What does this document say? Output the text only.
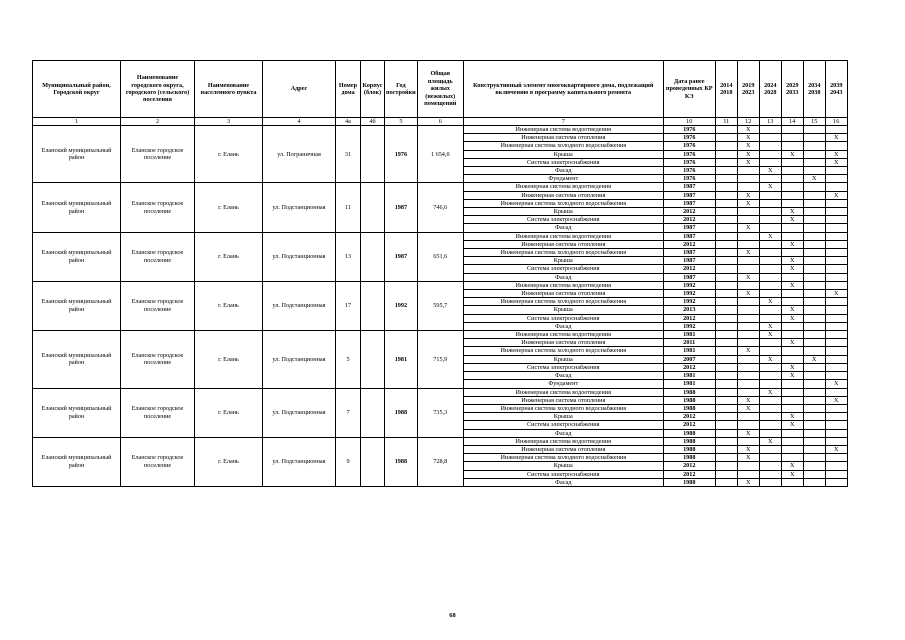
Муниципальный район, Городской округ	Наименование городского округа, городского (сельского) поселения	Наименование населенного пункта	Адрес	Номер дома	Корпус (блок)	Год постройки	Общая площадь жилых (нежилых) помещений	Конструктивный элемент многоквартирного дома, подлежащий включению в программу капитального ремонта	Дата ранее проведенных КР КЭ	2014 2018	2019 2023	2024 2028	2029 2033	2034 2038	2039 2043
1	2	3	4	4а	4б	5	6	7	10	11	12	13	14	15	16
Еланский муниципальный район	Еланское городское поселение	г. Елань	ул. Пограничная	31		1976	1 654,0	Инженерная система водоотведения	1976		X				
								Инженерная система отопления	1976		X				X
								Инженерная система холодного водоснабжения	1976		X				
								Крыша	1976		X		X		X
								Система электроснабжения	1976		X				X
								Фасад	1976			X			
								Фундамент	1976					X	
Еланский муниципальный район	Еланское городское поселение	г. Елань	ул. Подстанционная	11		1987	746,6	Инженерная система водоотведения	1987			X			
								Инженерная система отопления	1987		X				X
								Инженерная система холодного водоснабжения	1987		X				
								Крыша	2012				X		
								Система электроснабжения	2012				X		
								Фасад	1987		X				
Еланский муниципальный район	Еланское городское поселение	г. Елань	ул. Подстанционная	13		1987	651,6	Инженерная система водоотведения	1987			X			
								Инженерная система отопления	2012				X		
								Инженерная система холодного водоснабжения	1987		X				
								Крыша	1987				X		
								Система электроснабжения	2012				X		
								Фасад	1987		X				
Еланский муниципальный район	Еланское городское поселение	г. Елань	ул. Подстанционная	17		1992	595,7	Инженерная система водоотведения	1992				X		
								Инженерная система отопления	1992		X				X
								Инженерная система холодного водоснабжения	1992			X			
								Крыша	2013				X		
								Система электроснабжения	2012				X		
								Фасад	1992			X			
Еланский муниципальный район	Еланское городское поселение	г. Елань	ул. Подстанционная	5		1981	715,9	Инженерная система водоотведения	1981			X			
								Инженерная система отопления	2011				X		
								Инженерная система холодного водоснабжения	1981		X				
								Крыша	2007			X		X	
								Система электроснабжения	2012				X		
								Фасад	1981				X		
								Фундамент	1981						X
Еланский муниципальный район	Еланское городское поселение	г. Елань	ул. Подстанционная	7		1988	735,3	Инженерная система водоотведения	1988			X			
								Инженерная система отопления	1988		X				X
								Инженерная система холодного водоснабжения	1988		X				
								Крыша	2012				X		
								Система электроснабжения	2012				X		
								Фасад	1988		X				
Еланский муниципальный район	Еланское городское поселение	г. Елань	ул. Подстанционная	9		1988	728,8	Инженерная система водоотведения	1988			X			
								Инженерная система отопления	1988		X				X
								Инженерная система холодного водоснабжения	1988		X				
								Крыша	2012				X		
								Система электроснабжения	2012				X		
								Фасад	1988		X				
68
